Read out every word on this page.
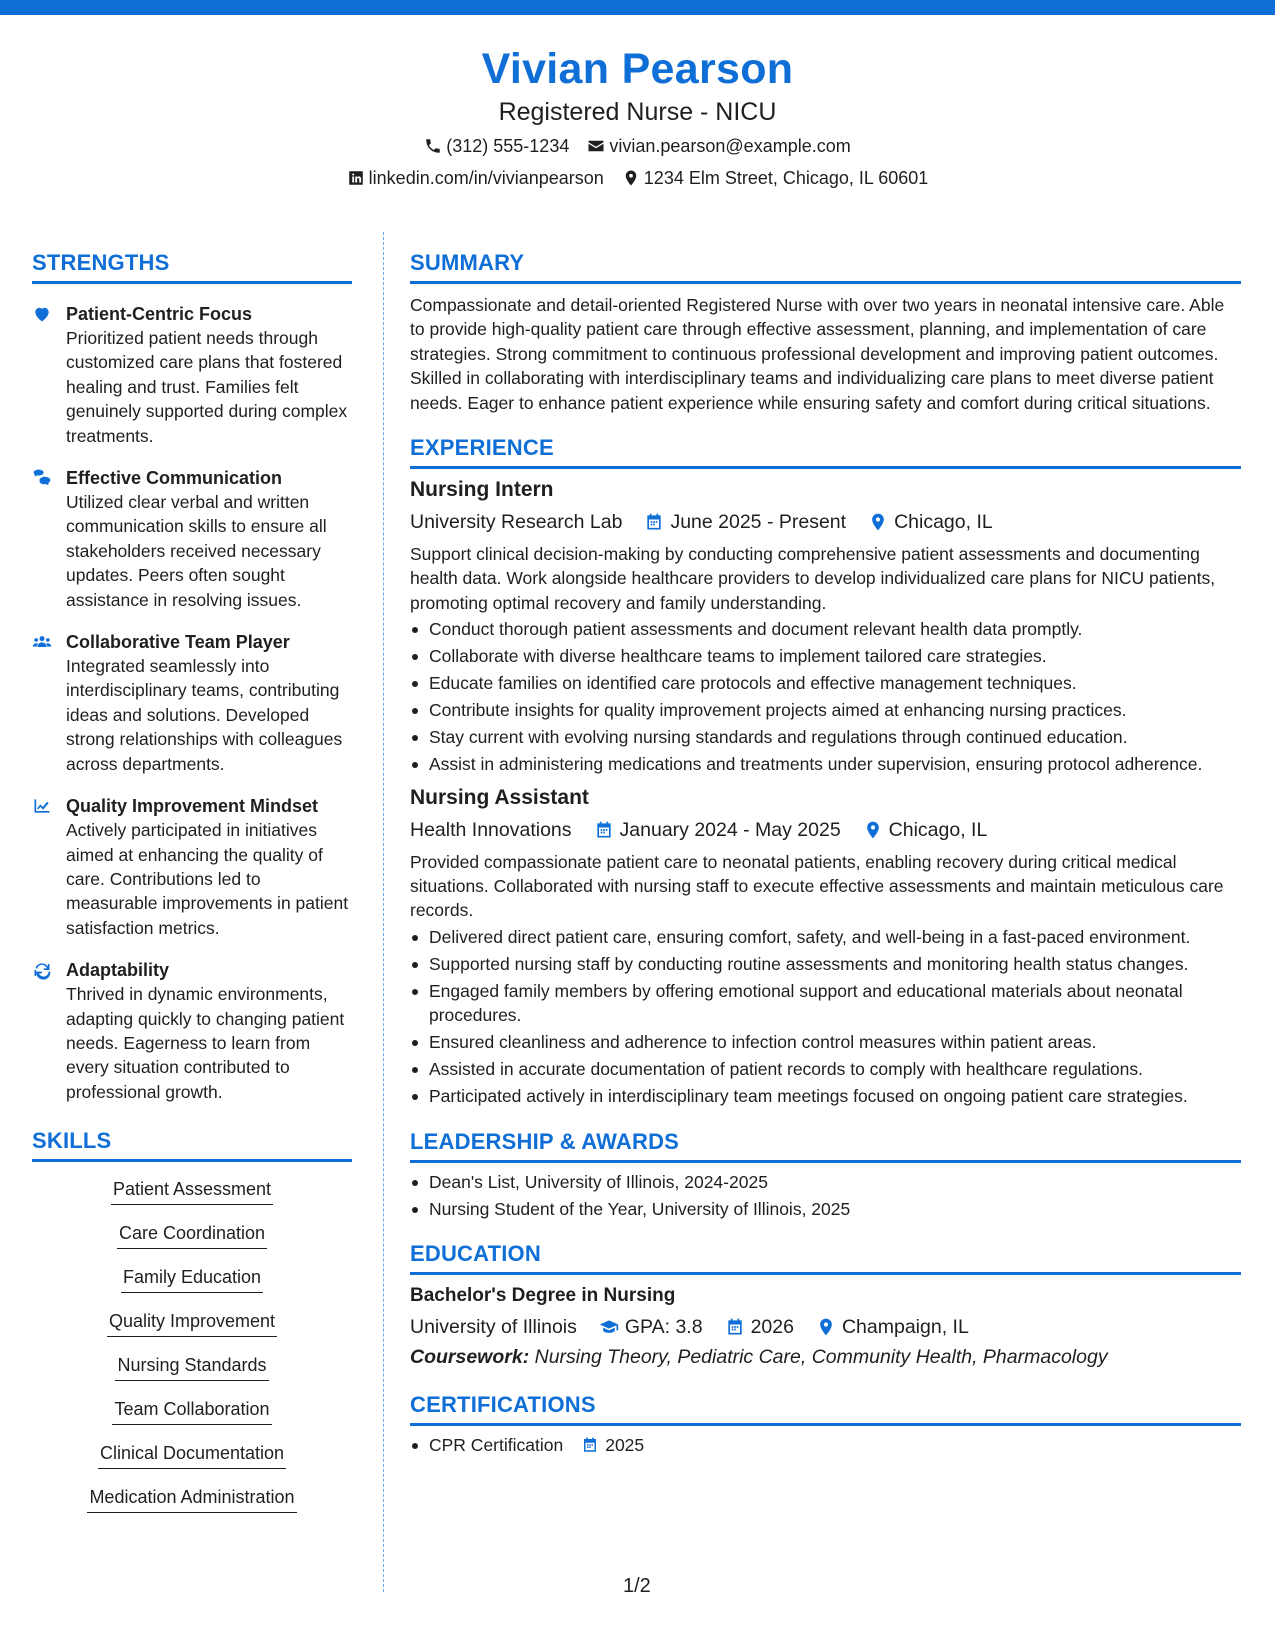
Vivian Pearson
Registered Nurse - NICU
(312) 555-1234 vivian.pearson@example.com
linkedin.com/in/vivianpearson 1234 Elm Street, Chicago, IL 60601
STRENGTHS
Patient-Centric Focus
Prioritized patient needs through customized care plans that fostered healing and trust. Families felt genuinely supported during complex treatments.
Effective Communication
Utilized clear verbal and written communication skills to ensure all stakeholders received necessary updates. Peers often sought assistance in resolving issues.
Collaborative Team Player
Integrated seamlessly into interdisciplinary teams, contributing ideas and solutions. Developed strong relationships with colleagues across departments.
Quality Improvement Mindset
Actively participated in initiatives aimed at enhancing the quality of care. Contributions led to measurable improvements in patient satisfaction metrics.
Adaptability
Thrived in dynamic environments, adapting quickly to changing patient needs. Eagerness to learn from every situation contributed to professional growth.
SKILLS
Patient Assessment
Care Coordination
Family Education
Quality Improvement
Nursing Standards
Team Collaboration
Clinical Documentation
Medication Administration
SUMMARY
Compassionate and detail-oriented Registered Nurse with over two years in neonatal intensive care. Able to provide high-quality patient care through effective assessment, planning, and implementation of care strategies. Strong commitment to continuous professional development and improving patient outcomes. Skilled in collaborating with interdisciplinary teams and individualizing care plans to meet diverse patient needs. Eager to enhance patient experience while ensuring safety and comfort during critical situations.
EXPERIENCE
Nursing Intern
University Research Lab June 2025 - Present Chicago, IL
Support clinical decision-making by conducting comprehensive patient assessments and documenting health data. Work alongside healthcare providers to develop individualized care plans for NICU patients, promoting optimal recovery and family understanding.
Conduct thorough patient assessments and document relevant health data promptly.
Collaborate with diverse healthcare teams to implement tailored care strategies.
Educate families on identified care protocols and effective management techniques.
Contribute insights for quality improvement projects aimed at enhancing nursing practices.
Stay current with evolving nursing standards and regulations through continued education.
Assist in administering medications and treatments under supervision, ensuring protocol adherence.
Nursing Assistant
Health Innovations January 2024 - May 2025 Chicago, IL
Provided compassionate patient care to neonatal patients, enabling recovery during critical medical situations. Collaborated with nursing staff to execute effective assessments and maintain meticulous care records.
Delivered direct patient care, ensuring comfort, safety, and well-being in a fast-paced environment.
Supported nursing staff by conducting routine assessments and monitoring health status changes.
Engaged family members by offering emotional support and educational materials about neonatal procedures.
Ensured cleanliness and adherence to infection control measures within patient areas.
Assisted in accurate documentation of patient records to comply with healthcare regulations.
Participated actively in interdisciplinary team meetings focused on ongoing patient care strategies.
LEADERSHIP & AWARDS
Dean's List, University of Illinois, 2024-2025
Nursing Student of the Year, University of Illinois, 2025
EDUCATION
Bachelor's Degree in Nursing
University of Illinois GPA: 3.8 2026 Champaign, IL
Coursework: Nursing Theory, Pediatric Care, Community Health, Pharmacology
CERTIFICATIONS
CPR Certification 2025
1/2
